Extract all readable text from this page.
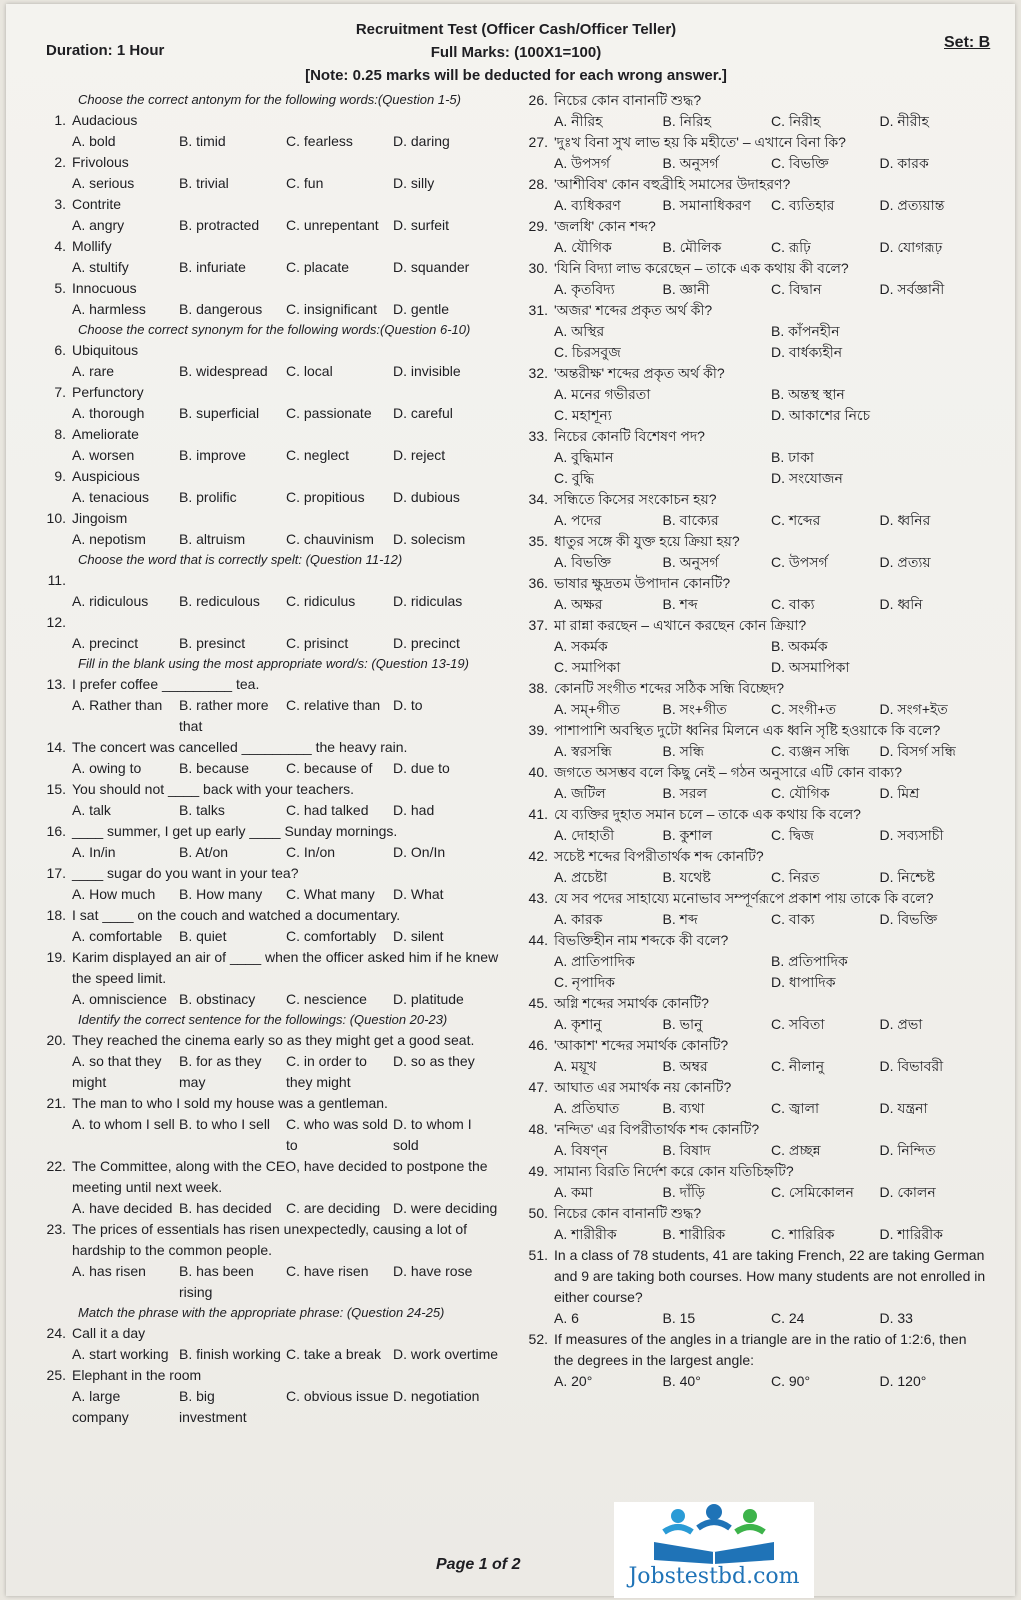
Duration: 1 Hour
Recruitment Test (Officer Cash/Officer Teller)
Full Marks: (100X1=100)
[Note: 0.25 marks will be deducted for each wrong answer.]
Set: B
Choose the correct antonym for the following words:(Question 1-5)
1. Audacious
A. bold	B. timid	C. fearless	D. daring
2. Frivolous
A. serious	B. trivial	C. fun	D. silly
3. Contrite
A. angry	B. protracted	C. unrepentant	D. surfeit
4. Mollify
A. stultify	B. infuriate	C. placate	D. squander
5. Innocuous
A. harmless	B. dangerous	C. insignificant	D. gentle
Choose the correct synonym for the following words:(Question 6-10)
6. Ubiquitous
A. rare	B. widespread	C. local	D. invisible
7. Perfunctory
A. thorough	B. superficial	C. passionate	D. careful
8. Ameliorate
A. worsen	B. improve	C. neglect	D. reject
9. Auspicious
A. tenacious	B. prolific	C. propitious	D. dubious
10. Jingoism
A. nepotism	B. altruism	C. chauvinism	D. solecism
Choose the word that is correctly spelt: (Question 11-12)
11.
A. ridiculous	B. rediculous	C. ridiculus	D. ridiculas
12.
A. precinct	B. presinct	C. prisinct	D. precinct
Fill in the blank using the most appropriate word/s: (Question 13-19)
13. I prefer coffee _________ tea.
A. Rather than	B. rather more that
C. relative than D. to
14. The concert was cancelled _________ the heavy rain.
A. owing to	B. because	C. because of	D. due to
15. You should not ____ back with your teachers.
A. talk	B. talks	C. had talked	D. had
16. ____ summer, I get up early ____ Sunday mornings.
A. In/in	B. At/on	C. In/on	D. On/In
17. ____ sugar do you want in your tea?
A. How much	B. How many	C. What many	D. What
18. I sat ____ on the couch and watched a documentary.
A. comfortable	B. quiet	C. comfortably	D. silent
19. Karim displayed an air of ____ when the officer asked him if he knew the speed limit.
A. omniscience B. obstinacy	C. nescience	D. platitude
Identify the correct sentence for the followings: (Question 20-23)
20. They reached the cinema early so as they might get a good seat.
A. so that they might
B. for as they may
C. in order to they might
D. so as they
21. The man to who I sold my house was a gentleman.
A. to whom I sell B. to who I sell	C. who was sold to
D. to whom I sold
22. The Committee, along with the CEO, have decided to postpone the meeting until next week.
A. have decided B. has decided	C. are deciding D. were deciding
23. The prices of essentials has risen unexpectedly, causing a lot of hardship to the common people.
A. has risen	B. has been rising
C. have risen	D. have rose
Match the phrase with the appropriate phrase: (Question 24-25)
24. Call it a day
A. start working B. finish working C. take a break D. work overtime
25. Elephant in the room
A. large company
B. big investment
C. obvious issue D. negotiation
26. নিচের কোন বানানটি শুদ্ধ?
A. নীরিহ	B. নিরিহ	C. নিরীহ	D. নীরীহ
27. 'দুঃখ বিনা সুখ লাভ হয় কি মহীতে' – এখানে বিনা কি?
A. উপসর্গ	B. অনুসর্গ	C. বিভক্তি	D. কারক
28. 'আশীবিষ' কোন বহুব্রীহি সমাসের উদাহরণ?
A. ব্যধিকরণ	B. সমানাধিকরণ	C. ব্যতিহার	D. প্রত্যয়ান্ত
29. 'জলধি' কোন শব্দ?
A. যৌগিক	B. মৌলিক	C. রূঢ়ি	D. যোগরূঢ়
30. 'যিনি বিদ্যা লাভ করেছেন – তাকে এক কথায় কী বলে?
A. কৃতবিদ্য	B. জ্ঞানী	C. বিদ্বান	D. সর্বজ্ঞানী
31. 'অজর' শব্দের প্রকৃত অর্থ কী?
A. অস্থির	B. কাঁপনহীন
C. চিরসবুজ	D. বার্ধক্যহীন
32. 'অন্তরীক্ষ' শব্দের প্রকৃত অর্থ কী?
A. মনের গভীরতা	B. অন্তস্থ স্থান
C. মহাশূন্য	D. আকাশের নিচে
33. নিচের কোনটি বিশেষণ পদ?
A. বুদ্ধিমান	B. ঢাকা
C. বুদ্ধি	D. সংযোজন
34. সন্ধিতে কিসের সংকোচন হয়?
A. পদের	B. বাক্যের	C. শব্দের	D. ধ্বনির
35. ধাতুর সঙ্গে কী যুক্ত হয়ে ক্রিয়া হয়?
A. বিভক্তি	B. অনুসর্গ	C. উপসর্গ	D. প্রত্যয়
36. ভাষার ক্ষুদ্রতম উপাদান কোনটি?
A. অক্ষর	B. শব্দ	C. বাক্য	D. ধ্বনি
37. মা রান্না করছেন – এখানে করছেন কোন ক্রিয়া?
A. সকর্মক	B. অকর্মক
C. সমাপিকা	D. অসমাপিকা
38. কোনটি সংগীত শব্দের সঠিক সন্ধি বিচ্ছেদ?
A. সম্+গীত	B. সং+গীত	C. সংগী+ত	D. সংগ+ইত
39. পাশাপাশি অবস্থিত দুটো ধ্বনির মিলনে এক ধ্বনি সৃষ্টি হওয়াকে কি বলে?
A. স্বরসন্ধি	B. সন্ধি	C. ব্যঞ্জন সন্ধি	D. বিসর্গ সন্ধি
40. জগতে অসম্ভব বলে কিছু নেই – গঠন অনুসারে এটি কোন বাক্য?
A. জটিল	B. সরল	C. যৌগিক	D. মিশ্র
41. যে ব্যক্তির দুহাত সমান চলে – তাকে এক কথায় কি বলে?
A. দোহাতী	B. কুশাল	C. দ্বিজ	D. সব্যসাচী
42. সচেষ্ট শব্দের বিপরীতার্থক শব্দ কোনটি?
A. প্রচেষ্টা	B. যথেষ্ট	C. নিরত	D. নিশ্চেষ্ট
43. যে সব পদের সাহায্যে মনোভাব সম্পূর্ণরূপে প্রকাশ পায় তাকে কি বলে?
A. কারক	B. শব্দ	C. বাক্য	D. বিভক্তি
44. বিভক্তিহীন নাম শব্দকে কী বলে?
A. প্রাতিপাদিক	B. প্রতিপাদিক
C. নৃপাদিক	D. ধাপাদিক
45. অগ্নি শব্দের সমার্থক কোনটি?
A. কৃশানু	B. ভানু	C. সবিতা	D. প্রভা
46. 'আকাশ' শব্দের সমার্থক কোনটি?
A. ময়ূখ	B. অম্বর	C. নীলানু	D. বিভাবরী
47. আঘাত এর সমার্থক নয় কোনটি?
A. প্রতিঘাত	B. ব্যথা	C. জ্বালা	D. যন্ত্রনা
48. 'নন্দিত' এর বিপরীতার্থক শব্দ কোনটি?
A. বিষণ্ন	B. বিষাদ	C. প্রচ্ছন্ন	D. নিন্দিত
49. সামান্য বিরতি নির্দেশ করে কোন যতিচিহ্নটি?
A. কমা	B. দাঁড়ি	C. সেমিকোলন	D. কোলন
50. নিচের কোন বানানটি শুদ্ধ?
A. শারীরীক	B. শারীরিক	C. শারিরিক	D. শারিরীক
51. In a class of 78 students, 41 are taking French, 22 are taking German and 9 are taking both courses. How many students are not enrolled in either course?
A. 6	B. 15	C. 24	D. 33
52. If measures of the angles in a triangle are in the ratio of 1:2:6, then the degrees in the largest angle:
A. 20°	B. 40°	C. 90°	D. 120°
Jobstestbd.com
Page 1 of 2
